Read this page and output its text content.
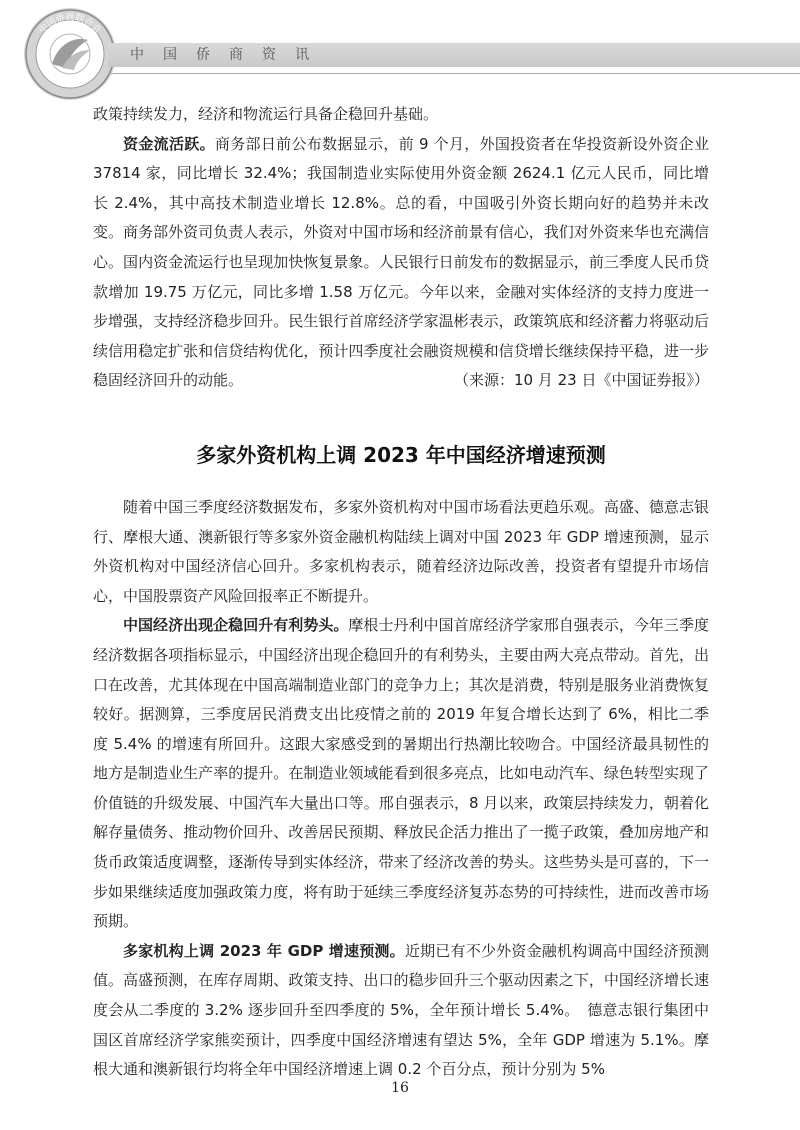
中国侨商联合会
中国侨商资讯

政策持续发力，经济和物流运行具备企稳回升基础。

资金流活跃。商务部日前公布数据显示，前 9 个月，外国投资者在华投资新设外资企业 37814 家，同比增长 32.4%；我国制造业实际使用外资金额 2624.1 亿元人民币，同比增长 2.4%，其中高技术制造业增长 12.8%。总的看，中国吸引外资长期向好的趋势并未改变。商务部外资司负责人表示，外资对中国市场和经济前景有信心，我们对外资来华也充满信心。国内资金流运行也呈现加快恢复景象。人民银行日前发布的数据显示，前三季度人民币贷款增加 19.75 万亿元，同比多增 1.58 万亿元。今年以来，金融对实体经济的支持力度进一步增强，支持经济稳步回升。民生银行首席经济学家温彬表示，政策筑底和经济蓄力将驱动后续信用稳定扩张和信贷结构优化，预计四季度社会融资规模和信贷增长继续保持平稳，进一步稳固经济回升的动能。	（来源：10 月 23 日《中国证券报》）

多家外资机构上调 2023 年中国经济增速预测

随着中国三季度经济数据发布，多家外资机构对中国市场看法更趋乐观。高盛、德意志银行、摩根大通、澳新银行等多家外资金融机构陆续上调对中国 2023 年 GDP 增速预测，显示外资机构对中国经济信心回升。多家机构表示，随着经济边际改善，投资者有望提升市场信心，中国股票资产风险回报率正不断提升。

中国经济出现企稳回升有利势头。摩根士丹利中国首席经济学家邢自强表示，今年三季度经济数据各项指标显示，中国经济出现企稳回升的有利势头，主要由两大亮点带动。首先，出口在改善，尤其体现在中国高端制造业部门的竞争力上；其次是消费，特别是服务业消费恢复较好。据测算，三季度居民消费支出比疫情之前的 2019 年复合增长达到了 6%，相比二季度 5.4% 的增速有所回升。这跟大家感受到的暑期出行热潮比较吻合。中国经济最具韧性的地方是制造业生产率的提升。在制造业领域能看到很多亮点，比如电动汽车、绿色转型实现了价值链的升级发展、中国汽车大量出口等。邢自强表示，8 月以来，政策层持续发力，朝着化解存量债务、推动物价回升、改善居民预期、释放民企活力推出了一揽子政策，叠加房地产和货币政策适度调整，逐渐传导到实体经济，带来了经济改善的势头。这些势头是可喜的，下一步如果继续适度加强政策力度，将有助于延续三季度经济复苏态势的可持续性，进而改善市场预期。

多家机构上调 2023 年 GDP 增速预测。近期已有不少外资金融机构调高中国经济预测值。高盛预测，在库存周期、政策支持、出口的稳步回升三个驱动因素之下，中国经济增长速度会从二季度的 3.2% 逐步回升至四季度的 5%，全年预计增长 5.4%。　德意志银行集团中国区首席经济学家熊奕预计，四季度中国经济增速有望达 5%，全年 GDP 增速为 5.1%。摩根大通和澳新银行均将全年中国经济增速上调 0.2 个百分点，预计分别为 5%

16
